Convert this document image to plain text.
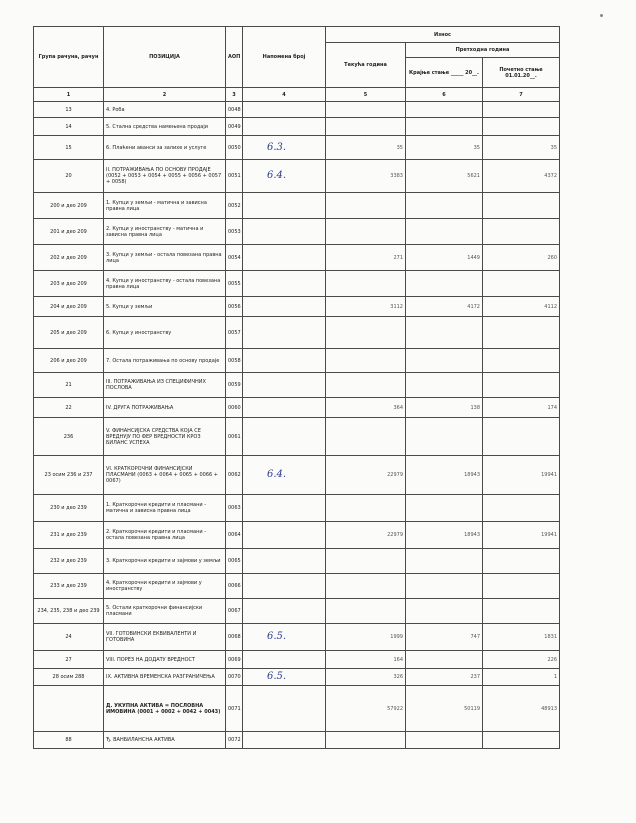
Група рачуна, рачун	ПОЗИЦИЈА	АОП	Напомена број	Износ		
				Текућа година	Претходна година	
					Крајње стање _____ 20__.	Почетно стање 01.01.20__.
1	2	3	4	5	6	7
13	4. Роба	0048	

14	5. Стална средства намењена продаји	0049	

15	6. Плаћени аванси за залихе и услуге	0050	6.3.	35	35	35
20	II. ПОТРАЖИВАЊА ПО ОСНОВУ ПРОДАЈЕ (0052 + 0053 + 0054 + 0055 + 0056 + 0057 + 0058)	0051	6.4.	3383	5621	4372
200 и део 209	1. Купци у земљи - матична и зависна правна лица	0052	

201 и део 209	2. Купци у иностранству - матична и зависна правна лица	0053	

202 и део 209	3. Купци у земљи - остала повезана правна лица	0054		271	1449	260
203 и део 209	4. Купци у иностранству - остала повезана правна лица	0055	

204 и део 209	5. Купци у земљи	0056		3112	4172	4112
205 и део 209	6. Купци у иностранству	0057	

206 и део 209	7. Остала потраживања по основу продаје	0058	

21	III. ПОТРАЖИВАЊА ИЗ СПЕЦИФИЧНИХ ПОСЛОВА	0059	

22	IV. ДРУГА ПОТРАЖИВАЊА	0060		364	138	174
236	V. ФИНАНСИЈСКА СРЕДСТВА КОЈА СЕ ВРЕДНУЈУ ПО ФЕР ВРЕДНОСТИ КРОЗ БИЛАНС УСПЕХА	0061	

23 осим 236 и 237	VI. КРАТКОРОЧНИ ФИНАНСИЈСКИ ПЛАСМАНИ (0063 + 0064 + 0065 + 0066 + 0067)	0062	6.4.	22979	18943	19941
230 и део 239	1. Краткорочни кредити и пласмани - матична и зависна правна лица	0063	

231 и део 239	2. Краткорочни кредити и пласмани - остала повезана правна лица	0064		22979	18943	19941
232 и део 239	3. Краткорочни кредити и зајмови у земљи	0065	

233 и део 239	4. Краткорочни кредити и зајмови у иностранству	0066	

234, 235, 238 и део 239	5. Остали краткорочни финансијски пласмани	0067	

24	VII. ГОТОВИНСКИ ЕКВИВАЛЕНТИ И ГОТОВИНА	0068	6.5.	1999	747	1831
27	VIII. ПОРЕЗ НА ДОДАТУ ВРЕДНОСТ	0069		164		226
28 осим 288	IX. АКТИВНА ВРЕМЕНСКА РАЗГРАНИЧЕЊА	0070	6.5.	326	237	1
	Д. УКУПНА АКТИВА = ПОСЛОВНА ИМОВИНА (0001 + 0002 + 0042 + 0043)	0071		57922	50119	48913
88	Ђ. ВАНБИЛАНСНА АКТИВА	0072	
